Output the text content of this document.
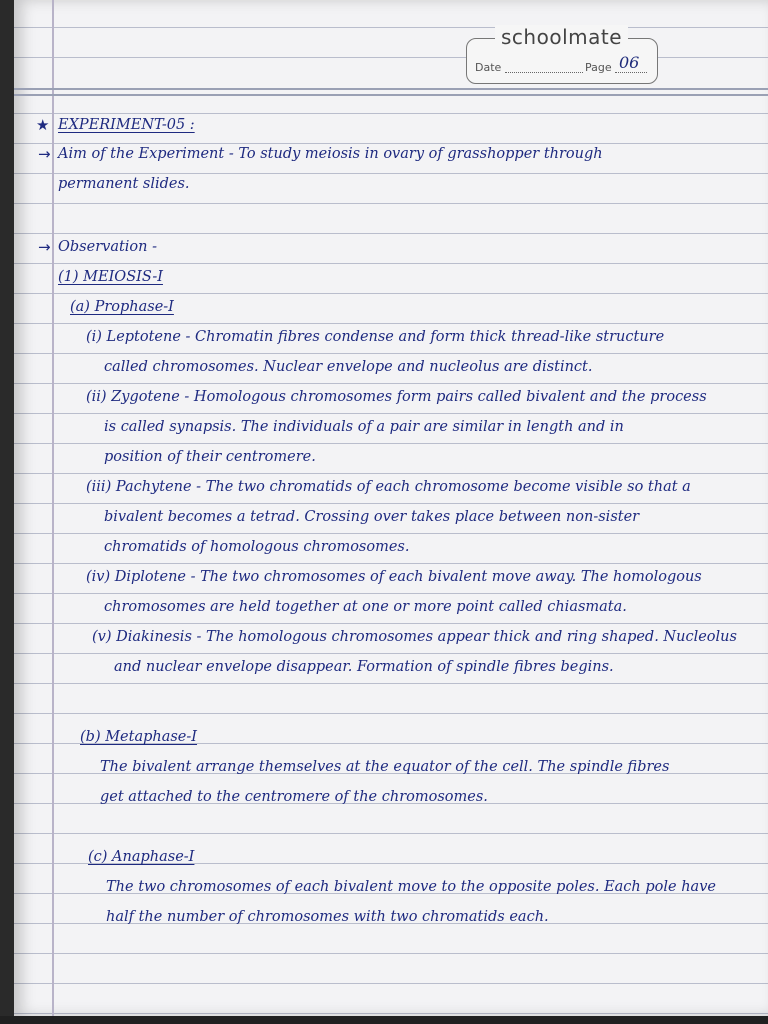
schoolmate
Date	Page 06
★ EXPERIMENT-05 :
→ Aim of the Experiment - To study meiosis in ovary of grasshopper through
permanent slides.
→ Observation -
(1) MEIOSIS-I
(a) Prophase-I
(i) Leptotene - Chromatin fibres condense and form thick thread-like structure
called chromosomes. Nuclear envelope and nucleolus are distinct.
(ii) Zygotene - Homologous chromosomes form pairs called bivalent and the process
is called synapsis. The individuals of a pair are similar in length and in
position of their centromere.
(iii) Pachytene - The two chromatids of each chromosome become visible so that a
bivalent becomes a tetrad. Crossing over takes place between non-sister
chromatids of homologous chromosomes.
(iv) Diplotene - The two chromosomes of each bivalent move away. The homologous
chromosomes are held together at one or more point called chiasmata.
(v) Diakinesis - The homologous chromosomes appear thick and ring shaped. Nucleolus
and nuclear envelope disappear. Formation of spindle fibres begins.
(b) Metaphase-I
The bivalent arrange themselves at the equator of the cell. The spindle fibres
get attached to the centromere of the chromosomes.
(c) Anaphase-I
The two chromosomes of each bivalent move to the opposite poles. Each pole have
half the number of chromosomes with two chromatids each.
